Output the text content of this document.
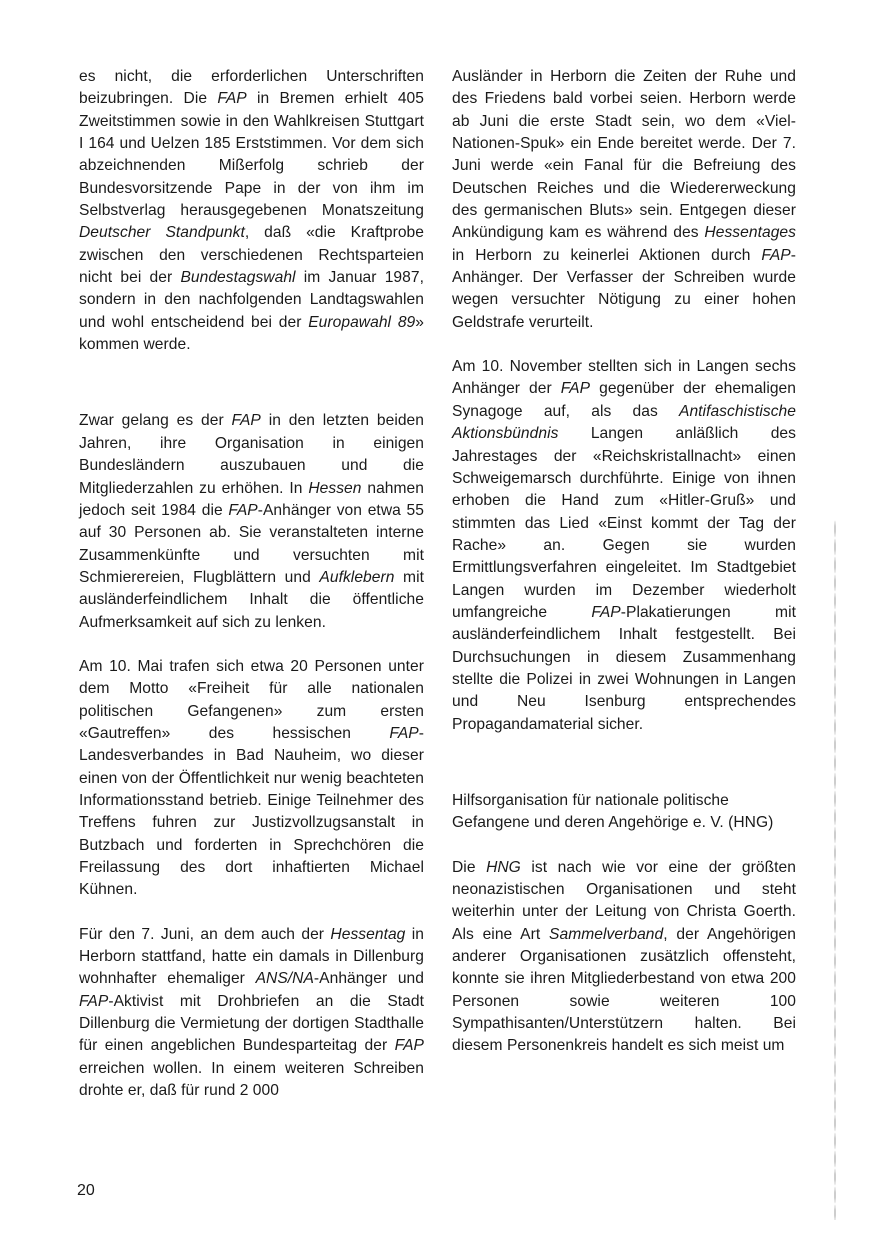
es nicht, die erforderlichen Unterschriften beizubringen. Die FAP in Bremen erhielt 405 Zweitstimmen sowie in den Wahlkreisen Stuttgart I 164 und Uelzen 185 Erststimmen. Vor dem sich abzeichnenden Mißerfolg schrieb der Bundesvorsitzende Pape in der von ihm im Selbstverlag herausgegebenen Monatszeitung Deutscher Standpunkt, daß «die Kraftprobe zwischen den verschiedenen Rechtsparteien nicht bei der Bundestagswahl im Januar 1987, sondern in den nachfolgenden Landtagswahlen und wohl entscheidend bei der Europawahl 89» kommen werde.

Zwar gelang es der FAP in den letzten beiden Jahren, ihre Organisation in einigen Bundesländern auszubauen und die Mitgliederzahlen zu erhöhen. In Hessen nahmen jedoch seit 1984 die FAP-Anhänger von etwa 55 auf 30 Personen ab. Sie veranstalteten interne Zusammenkünfte und versuchten mit Schmierereien, Flugblättern und Aufklebern mit ausländerfeindlichem Inhalt die öffentliche Aufmerksamkeit auf sich zu lenken.

Am 10. Mai trafen sich etwa 20 Personen unter dem Motto «Freiheit für alle nationalen politischen Gefangenen» zum ersten «Gautreffen» des hessischen FAP-Landesverbandes in Bad Nauheim, wo dieser einen von der Öffentlichkeit nur wenig beachteten Informationsstand betrieb. Einige Teilnehmer des Treffens fuhren zur Justizvollzugsanstalt in Butzbach und forderten in Sprechchören die Freilassung des dort inhaftierten Michael Kühnen.

Für den 7. Juni, an dem auch der Hessentag in Herborn stattfand, hatte ein damals in Dillenburg wohnhafter ehemaliger ANS/NA-Anhänger und FAP-Aktivist mit Drohbriefen an die Stadt Dillenburg die Vermietung der dortigen Stadthalle für einen angeblichen Bundesparteitag der FAP erreichen wollen. In einem weiteren Schreiben drohte er, daß für rund 2 000

Ausländer in Herborn die Zeiten der Ruhe und des Friedens bald vorbei seien. Herborn werde ab Juni die erste Stadt sein, wo dem «Viel-Nationen-Spuk» ein Ende bereitet werde. Der 7. Juni werde «ein Fanal für die Befreiung des Deutschen Reiches und die Wiedererweckung des germanischen Bluts» sein. Entgegen dieser Ankündigung kam es während des Hessentages in Herborn zu keinerlei Aktionen durch FAP-Anhänger. Der Verfasser der Schreiben wurde wegen versuchter Nötigung zu einer hohen Geldstrafe verurteilt.

Am 10. November stellten sich in Langen sechs Anhänger der FAP gegenüber der ehemaligen Synagoge auf, als das Antifaschistische Aktionsbündnis Langen anläßlich des Jahrestages der «Reichskristallnacht» einen Schweigemarsch durchführte. Einige von ihnen erhoben die Hand zum «Hitler-Gruß» und stimmten das Lied «Einst kommt der Tag der Rache» an. Gegen sie wurden Ermittlungsverfahren eingeleitet. Im Stadtgebiet Langen wurden im Dezember wiederholt umfangreiche FAP-Plakatierungen mit ausländerfeindlichem Inhalt festgestellt. Bei Durchsuchungen in diesem Zusammenhang stellte die Polizei in zwei Wohnungen in Langen und Neu Isenburg entsprechendes Propagandamaterial sicher.

Hilfsorganisation für nationale politische Gefangene und deren Angehörige e. V. (HNG)

Die HNG ist nach wie vor eine der größten neonazistischen Organisationen und steht weiterhin unter der Leitung von Christa Goerth. Als eine Art Sammelverband, der Angehörigen anderer Organisationen zusätzlich offensteht, konnte sie ihren Mitgliederbestand von etwa 200 Personen sowie weiteren 100 Sympathisanten/Unterstützern halten. Bei diesem Personenkreis handelt es sich meist um

20
